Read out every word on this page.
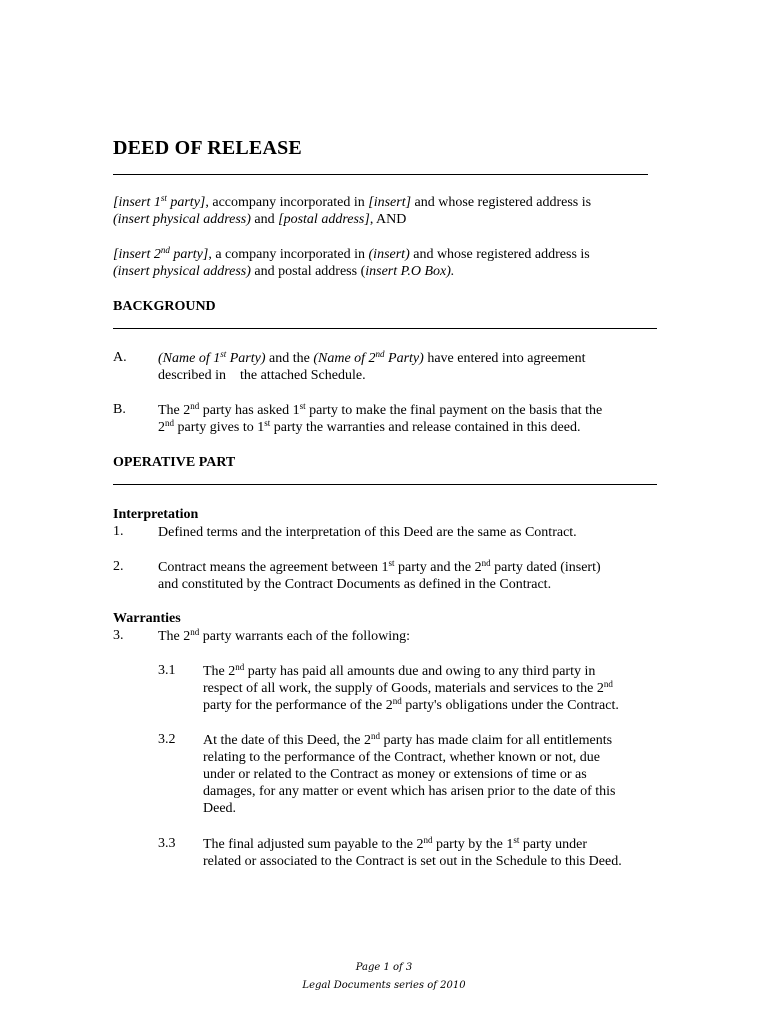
DEED OF RELEASE
[insert 1st party], accompany incorporated in [insert] and whose registered address is
(insert physical address) and [postal address], AND
[insert 2nd party], a company incorporated in (insert) and whose registered address is
(insert physical address) and postal address (insert P.O Box).
BACKGROUND
A. (Name of 1st Party) and the (Name of 2nd Party) have entered into agreement
described in    the attached Schedule.
B. The 2nd party has asked 1st party to make the final payment on the basis that the
2nd party gives to 1st party the warranties and release contained in this deed.
OPERATIVE PART
Interpretation
1. Defined terms and the interpretation of this Deed are the same as Contract.
2. Contract means the agreement between 1st party and the 2nd party dated (insert)
and constituted by the Contract Documents as defined in the Contract.
Warranties
3. The 2nd party warrants each of the following:
3.1 The 2nd party has paid all amounts due and owing to any third party in
respect of all work, the supply of Goods, materials and services to the 2nd
party for the performance of the 2nd party's obligations under the Contract.
3.2 At the date of this Deed, the 2nd party has made claim for all entitlements
relating to the performance of the Contract, whether known or not, due
under or related to the Contract as money or extensions of time or as
damages, for any matter or event which has arisen prior to the date of this
Deed.
3.3 The final adjusted sum payable to the 2nd party by the 1st party under
related or associated to the Contract is set out in the Schedule to this Deed.
Page 1 of 3
Legal Documents series of 2010
